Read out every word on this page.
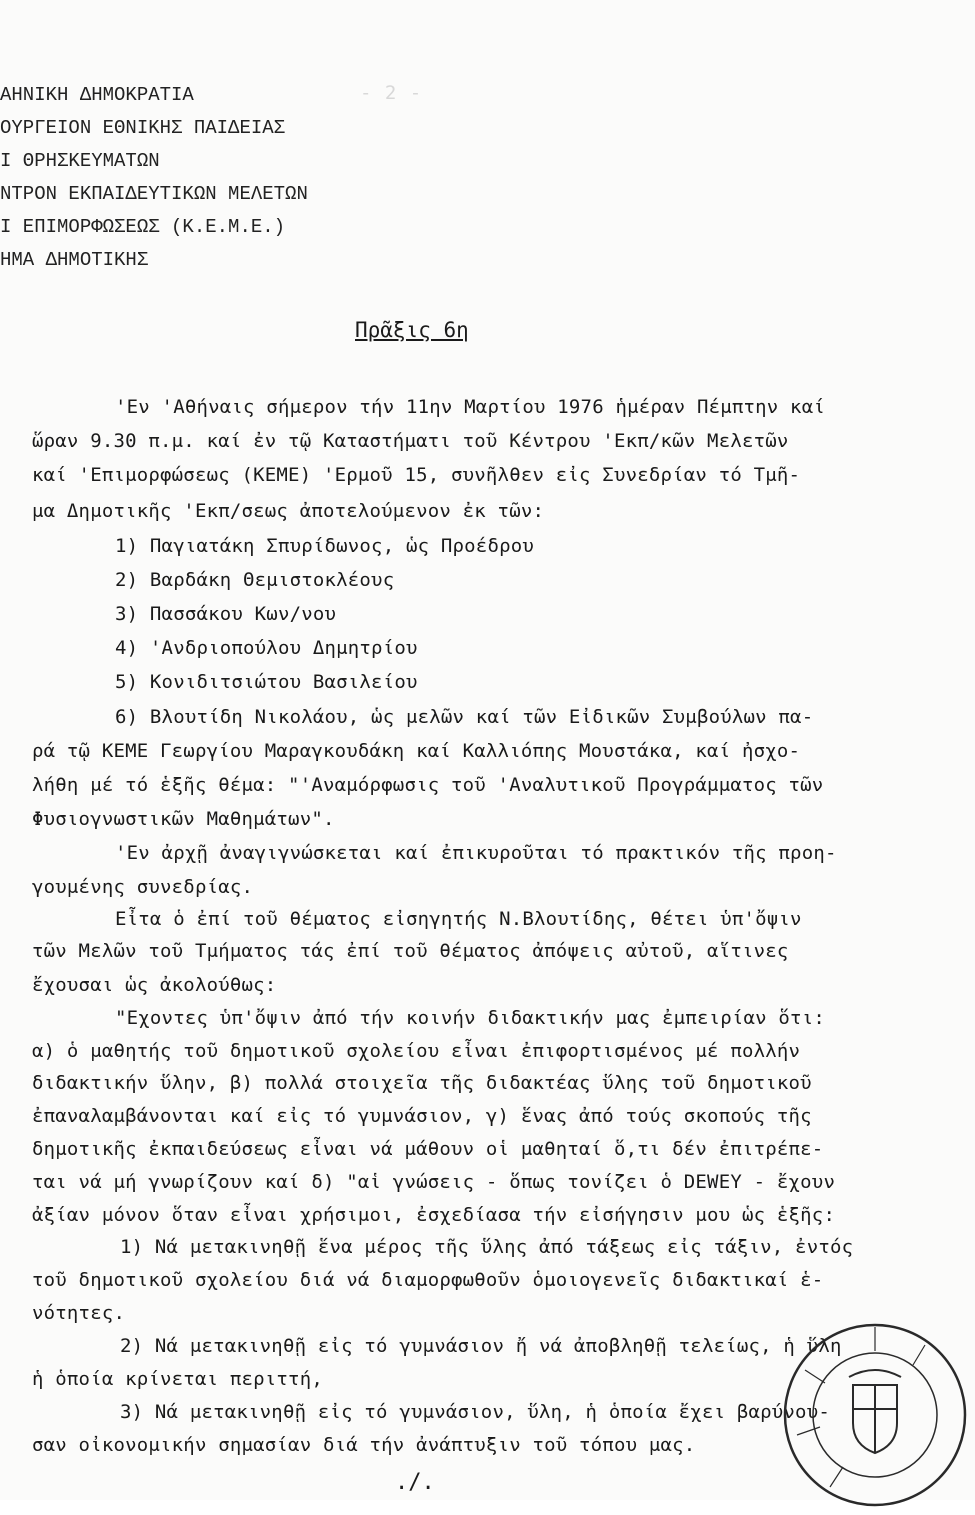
- 2 -
ΑΗΝΙΚΗ ΔΗΜΟΚΡΑΤΙΑ
ΟΥΡΓΕΙΟΝ ΕΘΝΙΚΗΣ ΠΑΙΔΕΙΑΣ
Ι ΘΡΗΣΚΕΥΜΑΤΩΝ
ΝΤΡΟΝ ΕΚΠΑΙΔΕΥΤΙΚΩΝ ΜΕΛΕΤΩΝ
Ι ΕΠΙΜΟΡΦΩΣΕΩΣ (Κ.Ε.Μ.Ε.)
ΗΜΑ ΔΗΜΟΤΙΚΗΣ
Πρᾶξις 6η
'Εν 'Αθήναις σήμερον τήν 11ην Μαρτίου 1976 ἡμέραν Πέμπτην καί
ὥραν 9.30 π.μ. καί ἐν τῷ Καταστήματι τοῦ Κέντρου 'Εκπ/κῶν Μελετῶν
καί 'Επιμορφώσεως (ΚΕΜΕ) 'Ερμοῦ 15, συνῆλθεν εἰς Συνεδρίαν τό Τμῆ-
μα Δημοτικῆς 'Εκπ/σεως ἀποτελούμενον ἐκ τῶν:
1) Παγιατάκη Σπυρίδωνος, ὡς Προέδρου
2) Βαρδάκη Θεμιστοκλέους
3) Πασσάκου Κων/νου
4) 'Ανδριοπούλου Δημητρίου
5) Κονιδιτσιώτου Βασιλείου
6) Βλουτίδη Νικολάου, ὡς μελῶν καί τῶν Εἰδικῶν Συμβούλων πα-
ρά τῷ ΚΕΜΕ Γεωργίου Μαραγκουδάκη καί Καλλιόπης Μουστάκα, καί ἠσχο-
λήθη μέ τό ἑξῆς θέμα: "'Αναμόρφωσις τοῦ 'Αναλυτικοῦ Προγράμματος τῶν
Φυσιογνωστικῶν Μαθημάτων".
'Εν ἀρχῇ ἀναγιγνώσκεται καί ἐπικυροῦται τό πρακτικόν τῆς προη-
γουμένης συνεδρίας.
Εἶτα ὁ ἐπί τοῦ θέματος εἰσηγητής Ν.Βλουτίδης, θέτει ὑπ'ὄψιν
τῶν Μελῶν τοῦ Τμήματος τάς ἐπί τοῦ θέματος ἀπόψεις αὐτοῦ, αἵτινες
ἔχουσαι ὡς ἀκολούθως:
"Εχοντες ὑπ'ὄψιν ἀπό τήν κοινήν διδακτικήν μας ἐμπειρίαν ὅτι:
α) ὁ μαθητής τοῦ δημοτικοῦ σχολείου εἶναι ἐπιφορτισμένος μέ πολλήν
διδακτικήν ὕλην, β) πολλά στοιχεῖα τῆς διδακτέας ὕλης τοῦ δημοτικοῦ
ἐπαναλαμβάνονται καί εἰς τό γυμνάσιον, γ) ἕνας ἀπό τούς σκοπούς τῆς
δημοτικῆς ἐκπαιδεύσεως εἶναι νά μάθουν οἱ μαθηταί ὅ,τι δέν ἐπιτρέπε-
ται νά μή γνωρίζουν καί δ) "αἱ γνώσεις - ὅπως τονίζει ὁ DEWEY - ἔχουν
ἀξίαν μόνον ὅταν εἶναι χρήσιμοι, ἐσχεδίασα τήν εἰσήγησιν μου ὡς ἑξῆς:
1) Νά μετακινηθῇ ἕνα μέρος τῆς ὕλης ἀπό τάξεως εἰς τάξιν, ἐντός
τοῦ δημοτικοῦ σχολείου διά νά διαμορφωθοῦν ὁμοιογενεῖς διδακτικαί ἑ-
νότητες.
2) Νά μετακινηθῇ εἰς τό γυμνάσιον ἤ νά ἀποβληθῇ τελείως, ἡ ὕλη
ἡ ὁποία κρίνεται περιττή,
3) Νά μετακινηθῇ εἰς τό γυμνάσιον, ὕλη, ἡ ὁποία ἔχει βαρύνου-
σαν οἰκονομικήν σημασίαν διά τήν ἀνάπτυξιν τοῦ τόπου μας.
./.
